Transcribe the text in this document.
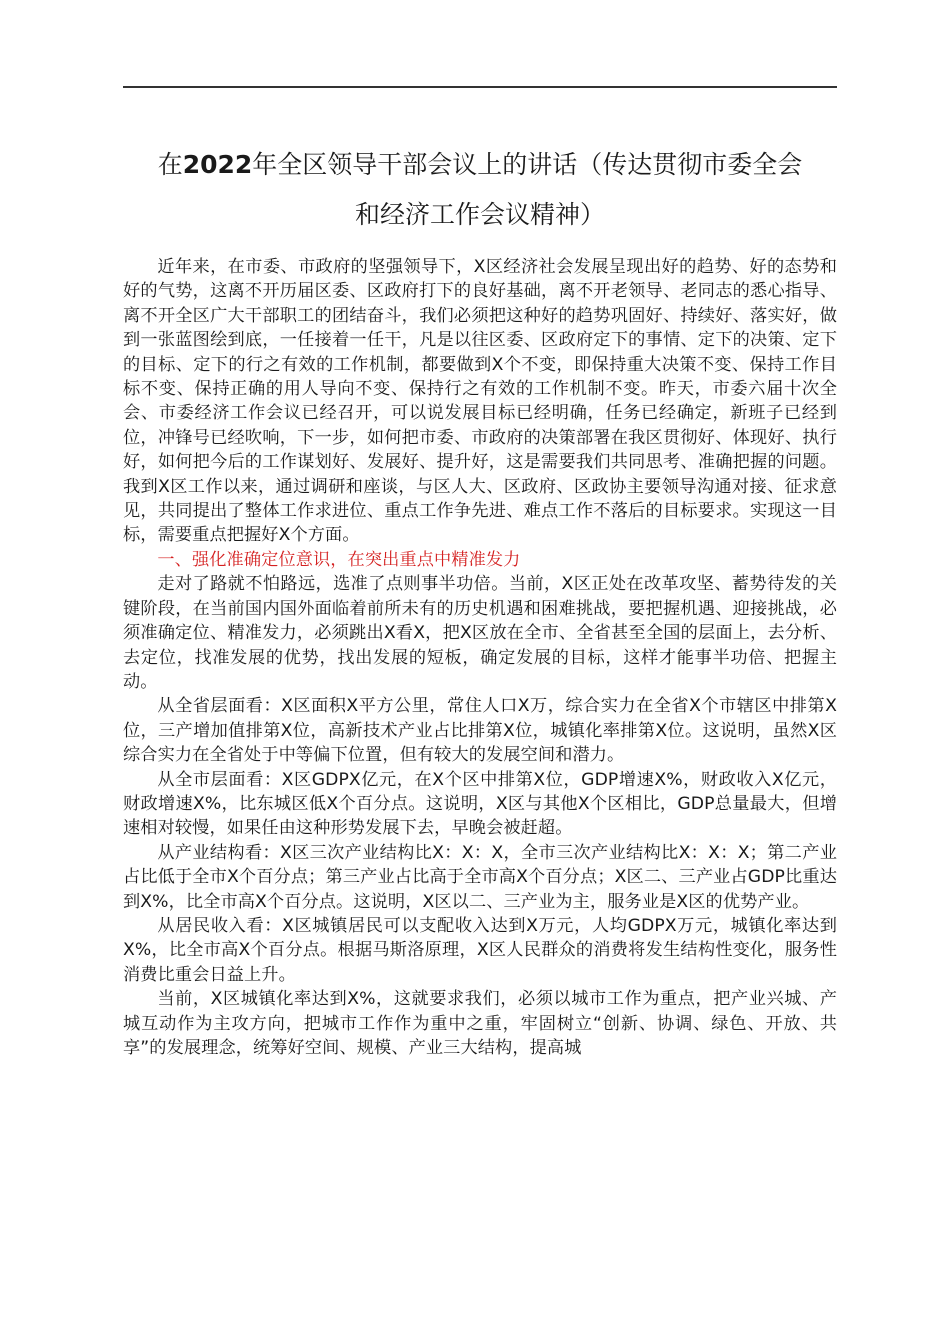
在2022年全区领导干部会议上的讲话（传达贯彻市委全会
和经济工作会议精神）

近年来，在市委、市政府的坚强领导下，X区经济社会发展呈现出好的趋势、好的态势和好的气势，这离不开历届区委、区政府打下的良好基础，离不开老领导、老同志的悉心指导、离不开全区广大干部职工的团结奋斗，我们必须把这种好的趋势巩固好、持续好、落实好，做到一张蓝图绘到底，一任接着一任干，凡是以往区委、区政府定下的事情、定下的决策、定下的目标、定下的行之有效的工作机制，都要做到X个不变，即保持重大决策不变、保持工作目标不变、保持正确的用人导向不变、保持行之有效的工作机制不变。昨天，市委六届十次全会、市委经济工作会议已经召开，可以说发展目标已经明确，任务已经确定，新班子已经到位，冲锋号已经吹响，下一步，如何把市委、市政府的决策部署在我区贯彻好、体现好、执行好，如何把今后的工作谋划好、发展好、提升好，这是需要我们共同思考、准确把握的问题。我到X区工作以来，通过调研和座谈，与区人大、区政府、区政协主要领导沟通对接、征求意见，共同提出了整体工作求进位、重点工作争先进、难点工作不落后的目标要求。实现这一目标，需要重点把握好X个方面。

一、强化准确定位意识，在突出重点中精准发力

走对了路就不怕路远，选准了点则事半功倍。当前，X区正处在改革攻坚、蓄势待发的关键阶段，在当前国内国外面临着前所未有的历史机遇和困难挑战，要把握机遇、迎接挑战，必须准确定位、精准发力，必须跳出X看X，把X区放在全市、全省甚至全国的层面上，去分析、去定位，找准发展的优势，找出发展的短板，确定发展的目标，这样才能事半功倍、把握主动。

从全省层面看：X区面积X平方公里，常住人口X万，综合实力在全省X个市辖区中排第X位，三产增加值排第X位，高新技术产业占比排第X位，城镇化率排第X位。这说明，虽然X区综合实力在全省处于中等偏下位置，但有较大的发展空间和潜力。

从全市层面看：X区GDPX亿元，在X个区中排第X位，GDP增速X%，财政收入X亿元，财政增速X%，比东城区低X个百分点。这说明，X区与其他X个区相比，GDP总量最大，但增速相对较慢，如果任由这种形势发展下去，早晚会被赶超。

从产业结构看：X区三次产业结构比X：X：X，全市三次产业结构比X：X：X；第二产业占比低于全市X个百分点；第三产业占比高于全市高X个百分点；X区二、三产业占GDP比重达到X%，比全市高X个百分点。这说明，X区以二、三产业为主，服务业是X区的优势产业。

从居民收入看：X区城镇居民可以支配收入达到X万元，人均GDPX万元，城镇化率达到X%，比全市高X个百分点。根据马斯洛原理，X区人民群众的消费将发生结构性变化，服务性消费比重会日益上升。

当前，X区城镇化率达到X%，这就要求我们，必须以城市工作为重点，把产业兴城、产城互动作为主攻方向，把城市工作作为重中之重，牢固树立“创新、协调、绿色、开放、共享”的发展理念，统筹好空间、规模、产业三大结构，提高城
